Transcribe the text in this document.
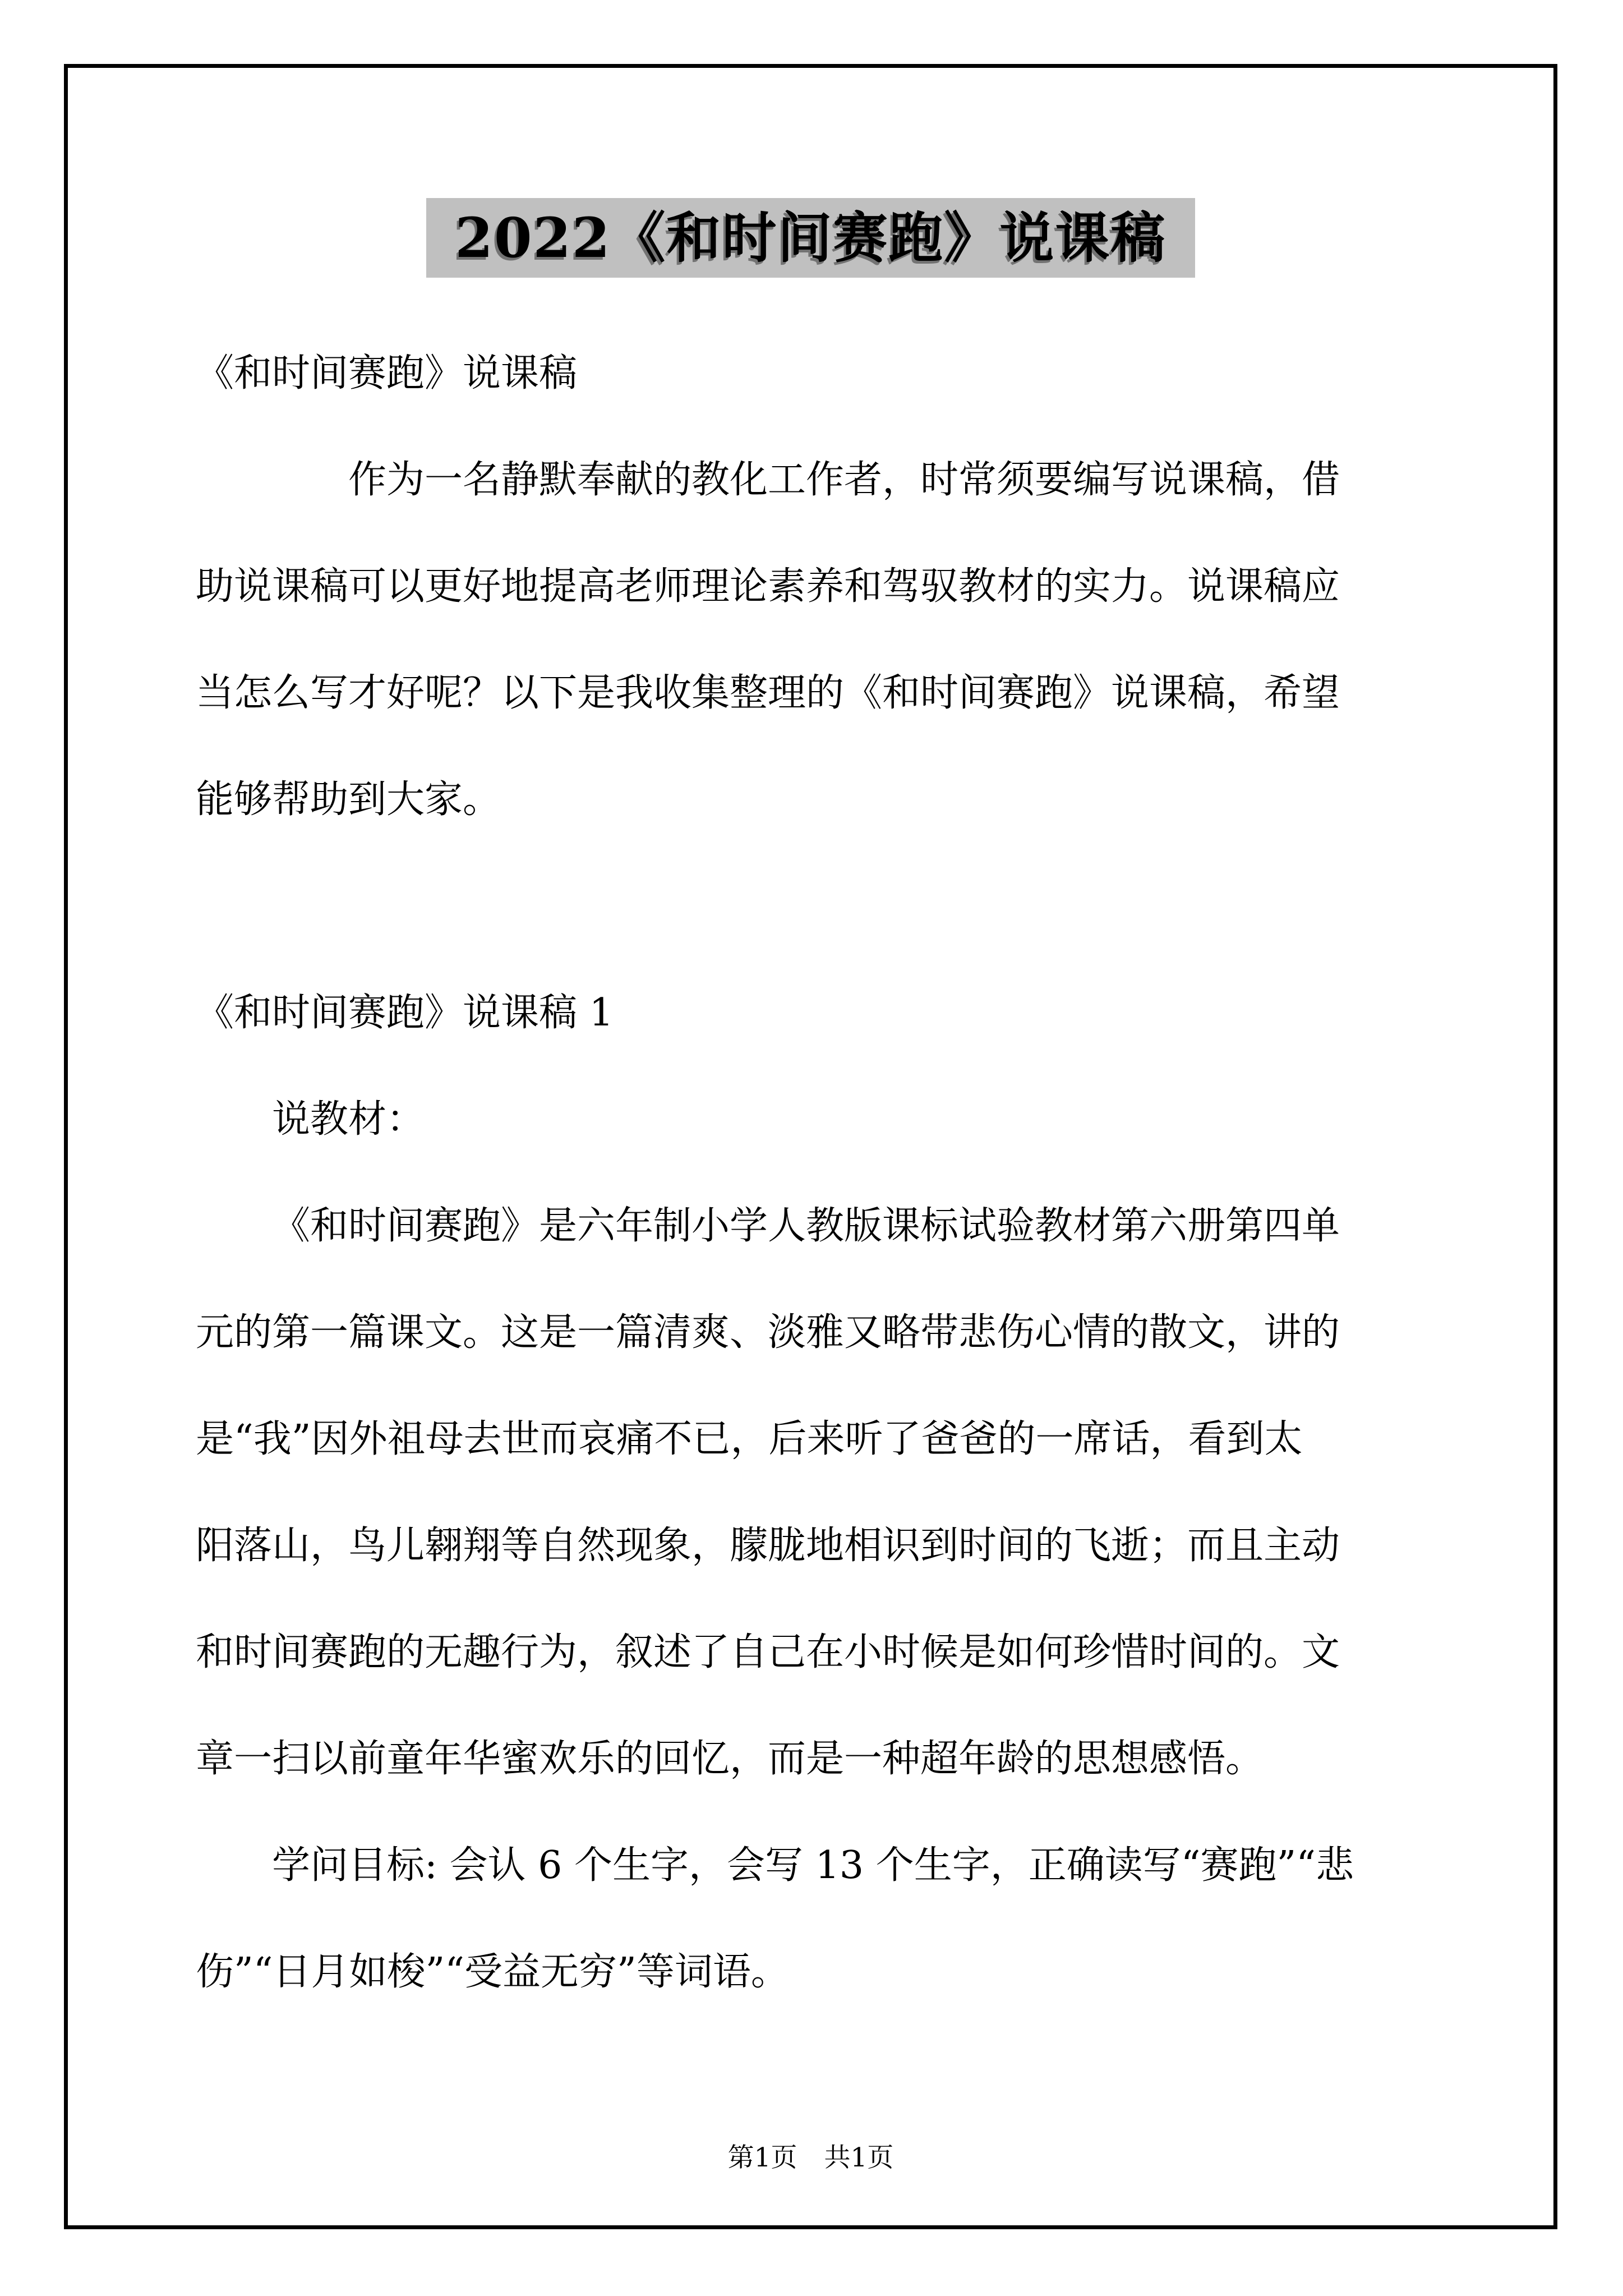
2022《和时间赛跑》说课稿
《和时间赛跑》说课稿
作为一名静默奉献的教化工作者，时常须要编写说课稿，借
助说课稿可以更好地提高老师理论素养和驾驭教材的实力。说课稿应
当怎么写才好呢？以下是我收集整理的《和时间赛跑》说课稿，希望
能够帮助到大家。

《和时间赛跑》说课稿 1
说教材：
《和时间赛跑》是六年制小学人教版课标试验教材第六册第四单
元的第一篇课文。这是一篇清爽、淡雅又略带悲伤心情的散文，讲的
是“我”因外祖母去世而哀痛不已，后来听了爸爸的一席话，看到太
阳落山，鸟儿翱翔等自然现象，朦胧地相识到时间的飞逝；而且主动
和时间赛跑的无趣行为，叙述了自己在小时候是如何珍惜时间的。文
章一扫以前童年华蜜欢乐的回忆，而是一种超年龄的思想感悟。
学问目标: 会认 6 个生字，会写 13 个生字，正确读写“赛跑”“悲
伤”“日月如梭”“受益无穷”等词语。
第1页 共1页
